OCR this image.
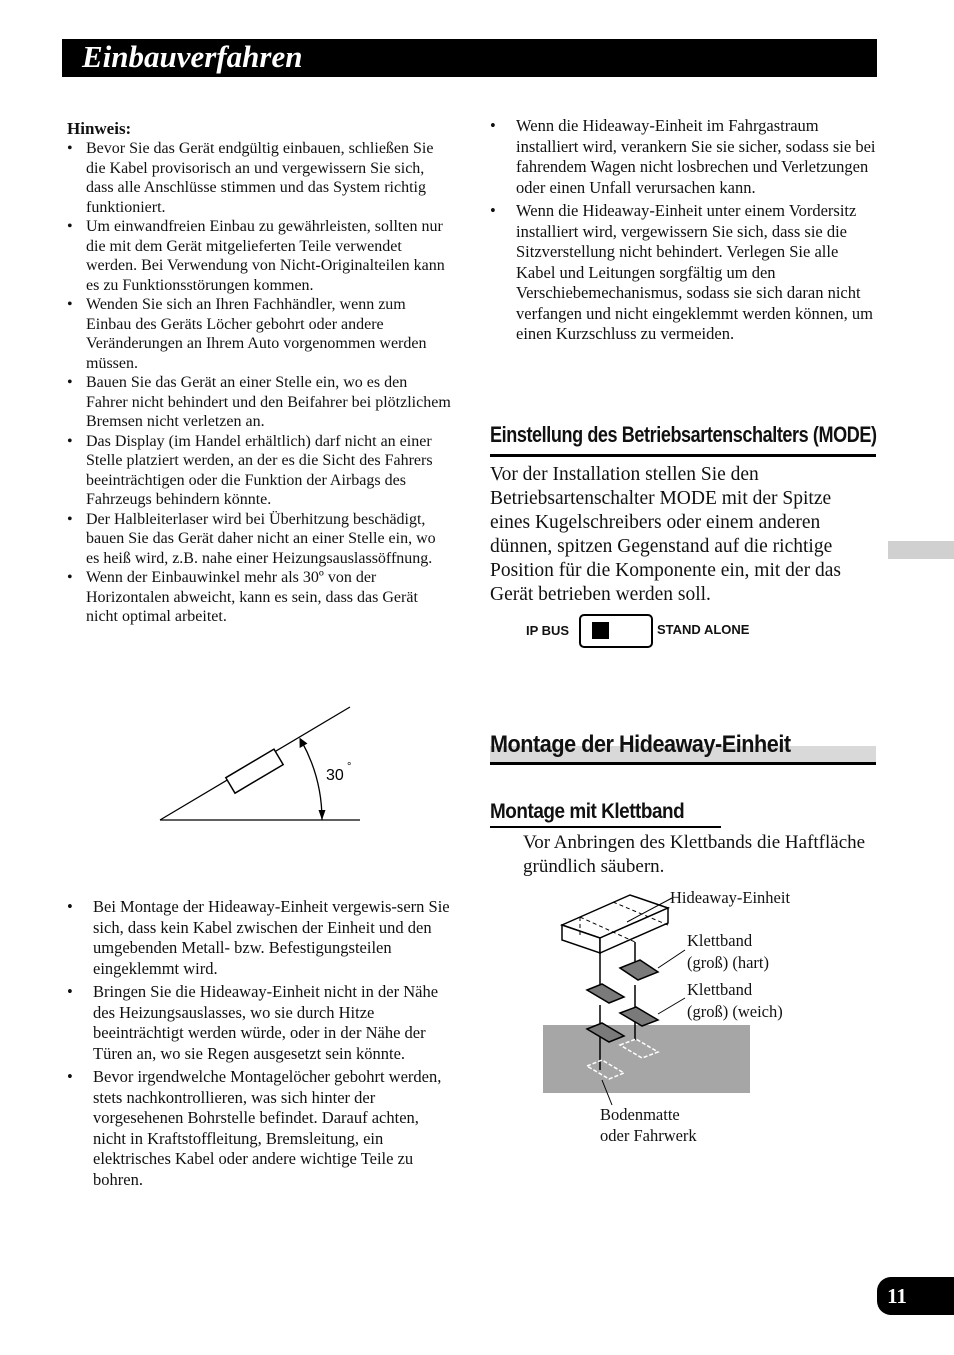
Einbauverfahren
Hinweis:
• Bevor Sie das Gerät endgültig einbauen, schließen Sie die Kabel provisorisch an und vergewissern Sie sich, dass alle Anschlüsse stimmen und das System richtig funktioniert.
• Um einwandfreien Einbau zu gewährleisten, sollten nur die mit dem Gerät mitgelieferten Teile verwendet werden. Bei Verwendung von Nicht-Originalteilen kann es zu Funktionsstörungen kommen.
• Wenden Sie sich an Ihren Fachhändler, wenn zum Einbau des Geräts Löcher gebohrt oder andere Veränderungen an Ihrem Auto vorgenommen werden müssen.
• Bauen Sie das Gerät an einer Stelle ein, wo es den Fahrer nicht behindert und den Beifahrer bei plötzlichem Bremsen nicht verletzen an.
• Das Display (im Handel erhältlich) darf nicht an einer Stelle platziert werden, an der es die Sicht des Fahrers beeinträchtigen oder die Funktion der Airbags des Fahrzeugs behindern könnte.
• Der Halbleiterlaser wird bei Überhitzung beschädigt, bauen Sie das Gerät daher nicht an einer Stelle ein, wo es heiß wird, z.B. nahe einer Heizungsauslassöffnung.
• Wenn der Einbauwinkel mehr als 30º von der Horizontalen abweicht, kann es sein, dass das Gerät nicht optimal arbeitet.
30 °
• Bei Montage der Hideaway-Einheit vergewis-sern Sie sich, dass kein Kabel zwischen der Einheit und den umgebenden Metall- bzw. Befestigungsteilen eingeklemmt wird.
• Bringen Sie die Hideaway-Einheit nicht in der Nähe des Heizungsauslasses, wo sie durch Hitze beeinträchtigt werden würde, oder in der Nähe der Türen an, wo sie Regen ausgesetzt sein könnte.
• Bevor irgendwelche Montagelöcher gebohrt werden, stets nachkontrollieren, was sich hinter der vorgesehenen Bohrstelle befindet. Darauf achten, nicht in Kraftstoffleitung, Bremsleitung, ein elektrisches Kabel oder andere wichtige Teile zu bohren.
• Wenn die Hideaway-Einheit im Fahrgastraum installiert wird, verankern Sie sie sicher, sodass sie bei fahrendem Wagen nicht losbrechen und Verletzungen oder einen Unfall verursachen kann.
• Wenn die Hideaway-Einheit unter einem Vordersitz installiert wird, vergewissern Sie sich, dass sie die Sitzverstellung nicht behindert. Verlegen Sie alle Kabel und Leitungen sorgfältig um den Verschiebemechanismus, sodass sie sich daran nicht verfangen und nicht eingeklemmt werden können, um einen Kurzschluss zu vermeiden.
Einstellung des Betriebsartenschalters (MODE)
Vor der Installation stellen Sie den Betriebsartenschalter MODE mit der Spitze eines Kugelschreibers oder einem anderen dünnen, spitzen Gegenstand auf die richtige Position für die Komponente ein, mit der das Gerät betrieben werden soll.
IP BUS	STAND ALONE
Montage der Hideaway-Einheit
Montage mit Klettband
Vor Anbringen des Klettbands die Haftfläche gründlich säubern.
Hideaway-Einheit
Klettband
(groß) (hart)
Klettband
(groß) (weich)
Bodenmatte
oder Fahrwerk
11
